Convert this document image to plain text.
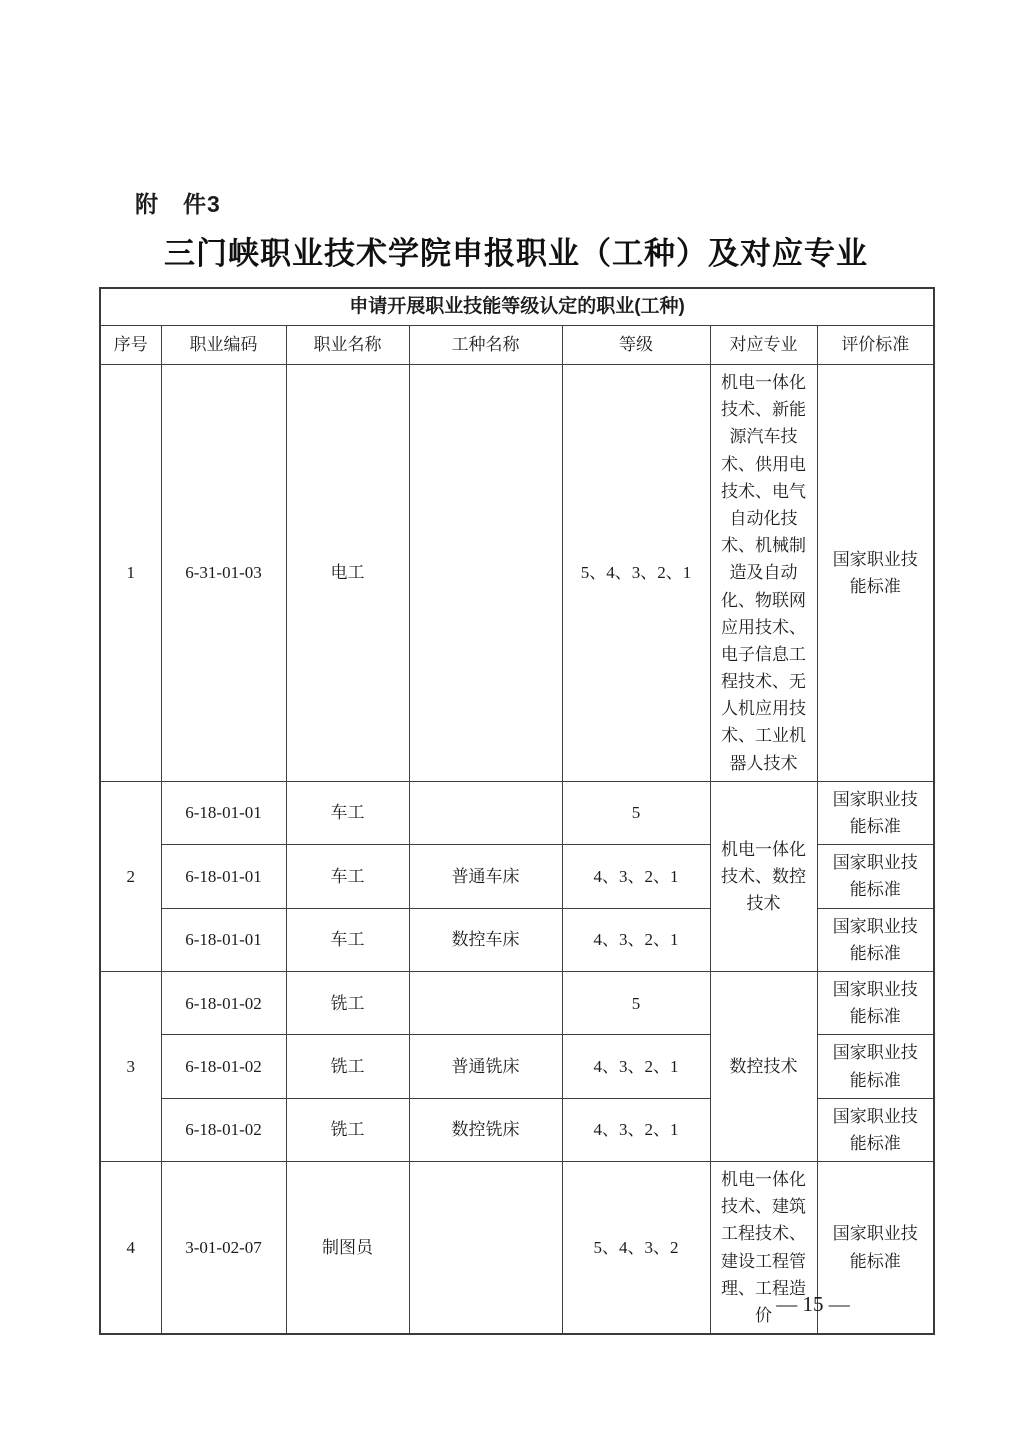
附　件3
三门峡职业技术学院申报职业（工种）及对应专业
申请开展职业技能等级认定的职业(工种)						
序号	职业编码	职业名称	工种名称	等级	对应专业	评价标准
1	6-31-01-03	电工		5、4、3、2、1	机电一体化技术、新能源汽车技术、供用电技术、电气自动化技术、机械制造及自动化、物联网应用技术、电子信息工程技术、无人机应用技术、工业机器人技术	国家职业技能标准
2	6-18-01-01	车工		5	机电一体化技术、数控技术	国家职业技能标准
	6-18-01-01	车工	普通车床	4、3、2、1		国家职业技能标准
	6-18-01-01	车工	数控车床	4、3、2、1		国家职业技能标准
3	6-18-01-02	铣工		5	数控技术	国家职业技能标准
	6-18-01-02	铣工	普通铣床	4、3、2、1		国家职业技能标准
	6-18-01-02	铣工	数控铣床	4、3、2、1		国家职业技能标准
4	3-01-02-07	制图员		5、4、3、2	机电一体化技术、建筑工程技术、建设工程管理、工程造价	国家职业技能标准
— 15 —
